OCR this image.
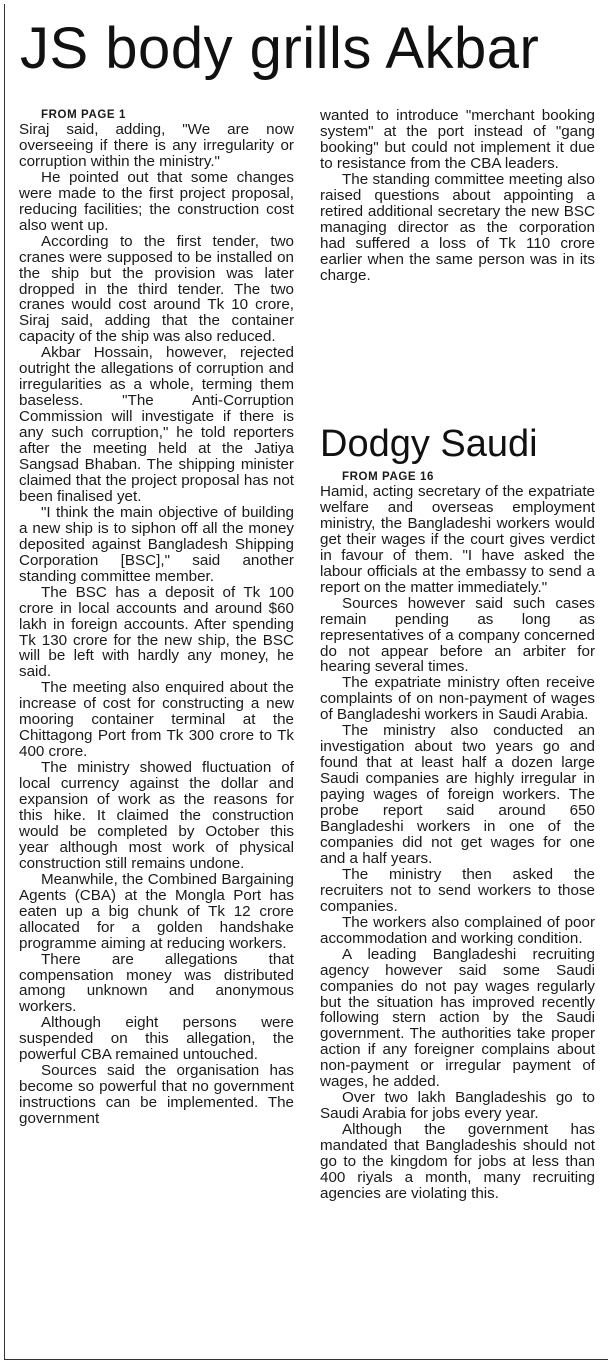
JS body grills Akbar

FROM PAGE 1

Siraj said, adding, "We are now overseeing if there is any irregularity or corruption within the ministry."

He pointed out that some changes were made to the first project proposal, reducing facilities; the construction cost also went up.

According to the first tender, two cranes were supposed to be installed on the ship but the provision was later dropped in the third tender. The two cranes would cost around Tk 10 crore, Siraj said, adding that the container capacity of the ship was also reduced.

Akbar Hossain, however, rejected outright the allegations of corruption and irregularities as a whole, terming them baseless. "The Anti-Corruption Commission will investigate if there is any such corruption," he told reporters after the meeting held at the Jatiya Sangsad Bhaban. The shipping minister claimed that the project proposal has not been finalised yet.

"I think the main objective of building a new ship is to siphon off all the money deposited against Bangladesh Shipping Corporation [BSC]," said another standing committee member.

The BSC has a deposit of Tk 100 crore in local accounts and around $60 lakh in foreign accounts. After spending Tk 130 crore for the new ship, the BSC will be left with hardly any money, he said.

The meeting also enquired about the increase of cost for constructing a new mooring container terminal at the Chittagong Port from Tk 300 crore to Tk 400 crore.

The ministry showed fluctuation of local currency against the dollar and expansion of work as the reasons for this hike. It claimed the construction would be completed by October this year although most work of physical construction still remains undone.

Meanwhile, the Combined Bargaining Agents (CBA) at the Mongla Port has eaten up a big chunk of Tk 12 crore allocated for a golden handshake programme aiming at reducing workers.

There are allegations that compensation money was distributed among unknown and anonymous workers.

Although eight persons were suspended on this allegation, the powerful CBA remained untouched.

Sources said the organisation has become so powerful that no government instructions can be implemented. The government

wanted to introduce "merchant booking system" at the port instead of "gang booking" but could not implement it due to resistance from the CBA leaders.

The standing committee meeting also raised questions about appointing a retired additional secretary the new BSC managing director as the corporation had suffered a loss of Tk 110 crore earlier when the same person was in its charge.

Dodgy Saudi

FROM PAGE 16

Hamid, acting secretary of the expatriate welfare and overseas employment ministry, the Bangladeshi workers would get their wages if the court gives verdict in favour of them. "I have asked the labour officials at the embassy to send a report on the matter immediately."

Sources however said such cases remain pending as long as representatives of a company concerned do not appear before an arbiter for hearing several times.

The expatriate ministry often receive complaints of on non-payment of wages of Bangladeshi workers in Saudi Arabia.

The ministry also conducted an investigation about two years go and found that at least half a dozen large Saudi companies are highly irregular in paying wages of foreign workers. The probe report said around 650 Bangladeshi workers in one of the companies did not get wages for one and a half years.

The ministry then asked the recruiters not to send workers to those companies.

The workers also complained of poor accommodation and working condition.

A leading Bangladeshi recruiting agency however said some Saudi companies do not pay wages regularly but the situation has improved recently following stern action by the Saudi government. The authorities take proper action if any foreigner complains about non-payment or irregular payment of wages, he added.

Over two lakh Bangladeshis go to Saudi Arabia for jobs every year.

Although the government has mandated that Bangladeshis should not go to the kingdom for jobs at less than 400 riyals a month, many recruiting agencies are violating this.
